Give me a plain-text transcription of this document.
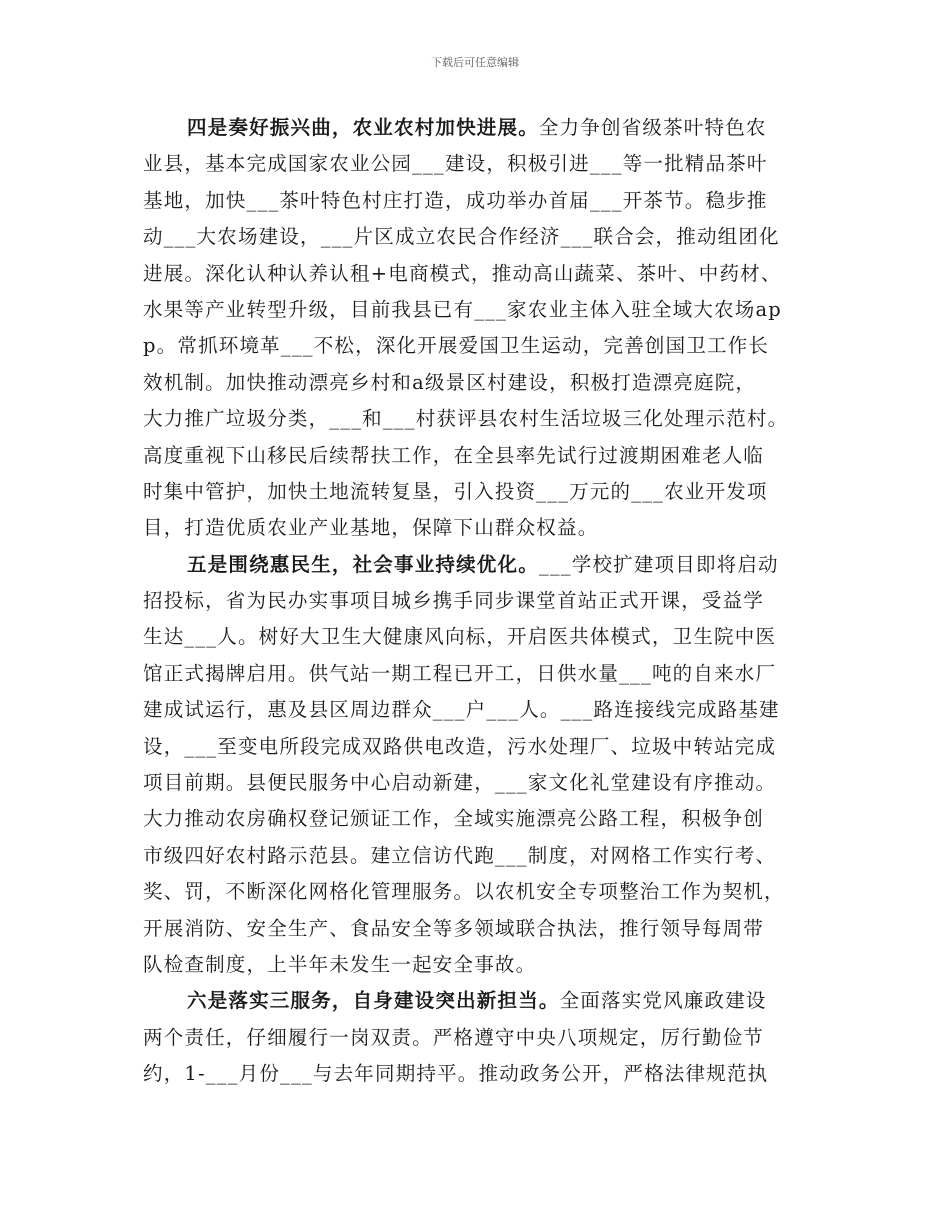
下载后可任意编辑
四是奏好振兴曲，农业农村加快进展。全力争创省级茶叶特色农
业县，基本完成国家农业公园___建设，积极引进___等一批精品茶叶
基地，加快___茶叶特色村庄打造，成功举办首届___开茶节。稳步推
动___大农场建设，___片区成立农民合作经济___联合会，推动组团化
进展。深化认种认养认租+电商模式，推动高山蔬菜、茶叶、中药材、
水果等产业转型升级，目前我县已有___家农业主体入驻全域大农场ap
p。常抓环境革___不松，深化开展爱国卫生运动，完善创国卫工作长
效机制。加快推动漂亮乡村和a级景区村建设，积极打造漂亮庭院，
大力推广垃圾分类，___和___村获评县农村生活垃圾三化处理示范村。
高度重视下山移民后续帮扶工作，在全县率先试行过渡期困难老人临
时集中管护，加快土地流转复垦，引入投资___万元的___农业开发项
目，打造优质农业产业基地，保障下山群众权益。
五是围绕惠民生，社会事业持续优化。___学校扩建项目即将启动
招投标，省为民办实事项目城乡携手同步课堂首站正式开课，受益学
生达___人。树好大卫生大健康风向标，开启医共体模式，卫生院中医
馆正式揭牌启用。供气站一期工程已开工，日供水量___吨的自来水厂
建成试运行，惠及县区周边群众___户___人。___路连接线完成路基建
设，___至变电所段完成双路供电改造，污水处理厂、垃圾中转站完成
项目前期。县便民服务中心启动新建，___家文化礼堂建设有序推动。
大力推动农房确权登记颁证工作，全域实施漂亮公路工程，积极争创
市级四好农村路示范县。建立信访代跑___制度，对网格工作实行考、
奖、罚，不断深化网格化管理服务。以农机安全专项整治工作为契机，
开展消防、安全生产、食品安全等多领域联合执法，推行领导每周带
队检查制度，上半年未发生一起安全事故。
六是落实三服务，自身建设突出新担当。全面落实党风廉政建设
两个责任，仔细履行一岗双责。严格遵守中央八项规定，厉行勤俭节
约，1-___月份___与去年同期持平。推动政务公开，严格法律规范执
